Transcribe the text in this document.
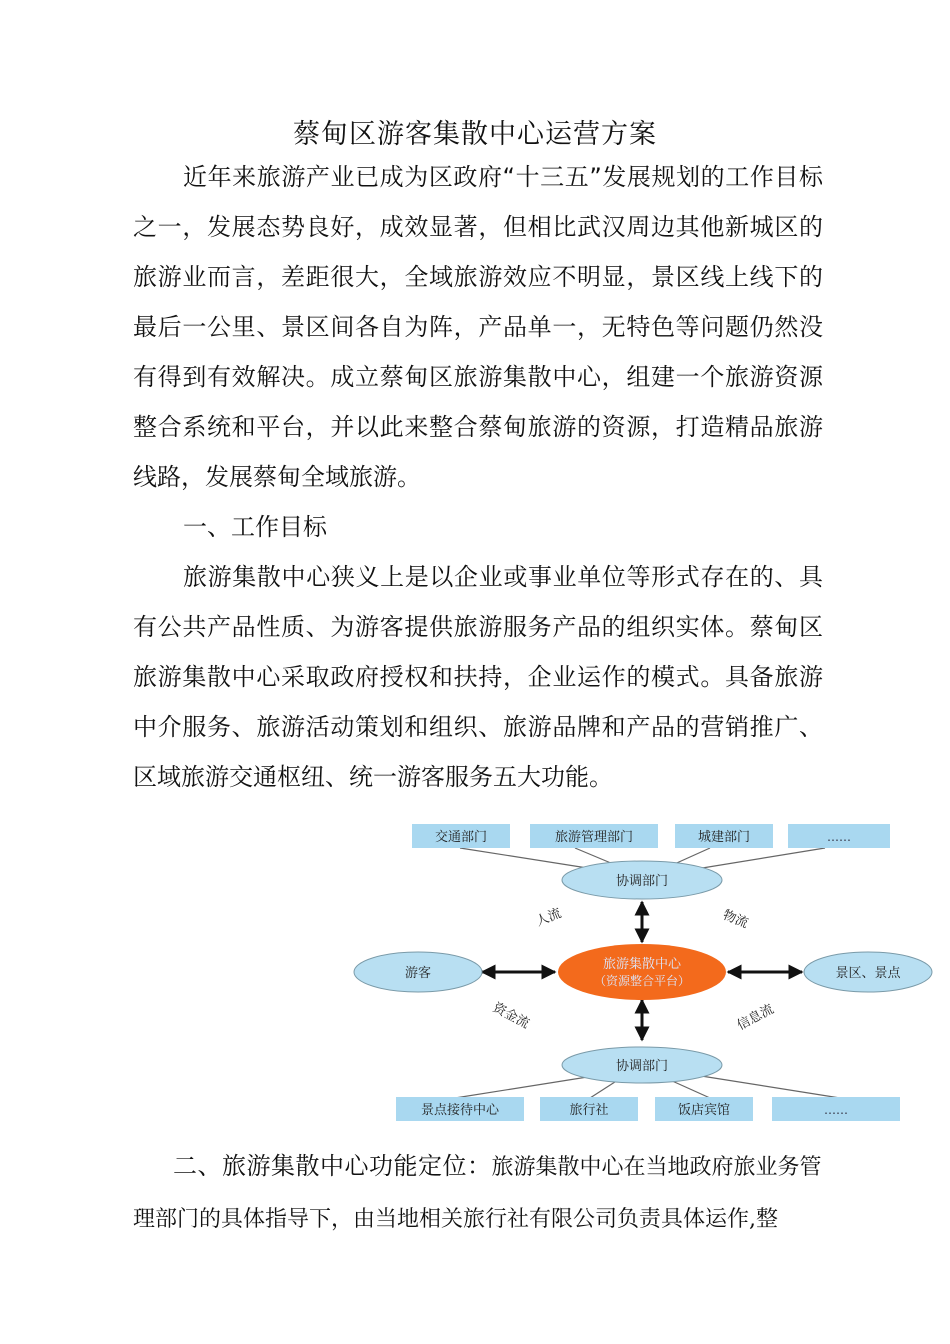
蔡甸区游客集散中心运营方案

近年来旅游产业已成为区政府“十三五”发展规划的工作目标之一，发展态势良好，成效显著，但相比武汉周边其他新城区的旅游业而言，差距很大，全域旅游效应不明显，景区线上线下的最后一公里、景区间各自为阵，产品单一，无特色等问题仍然没有得到有效解决。成立蔡甸区旅游集散中心，组建一个旅游资源整合系统和平台，并以此来整合蔡甸旅游的资源，打造精品旅游线路，发展蔡甸全域旅游。

一、工作目标

旅游集散中心狭义上是以企业或事业单位等形式存在的、具有公共产品性质、为游客提供旅游服务产品的组织实体。蔡甸区旅游集散中心采取政府授权和扶持，企业运作的模式。具备旅游中介服务、旅游活动策划和组织、旅游品牌和产品的营销推广、区域旅游交通枢纽、统一游客服务五大功能。

交通部门	旅游管理部门	城建部门	……
协调部门
旅游集散中心
（资源整合平台）
游客	景区、景点
人流	物流
资金流	信息流
协调部门
景点接待中心	旅行社	饭店宾馆	……

二、旅游集散中心功能定位：旅游集散中心在当地政府旅业务管理部门的具体指导下，由当地相关旅行社有限公司负责具体运作,整
